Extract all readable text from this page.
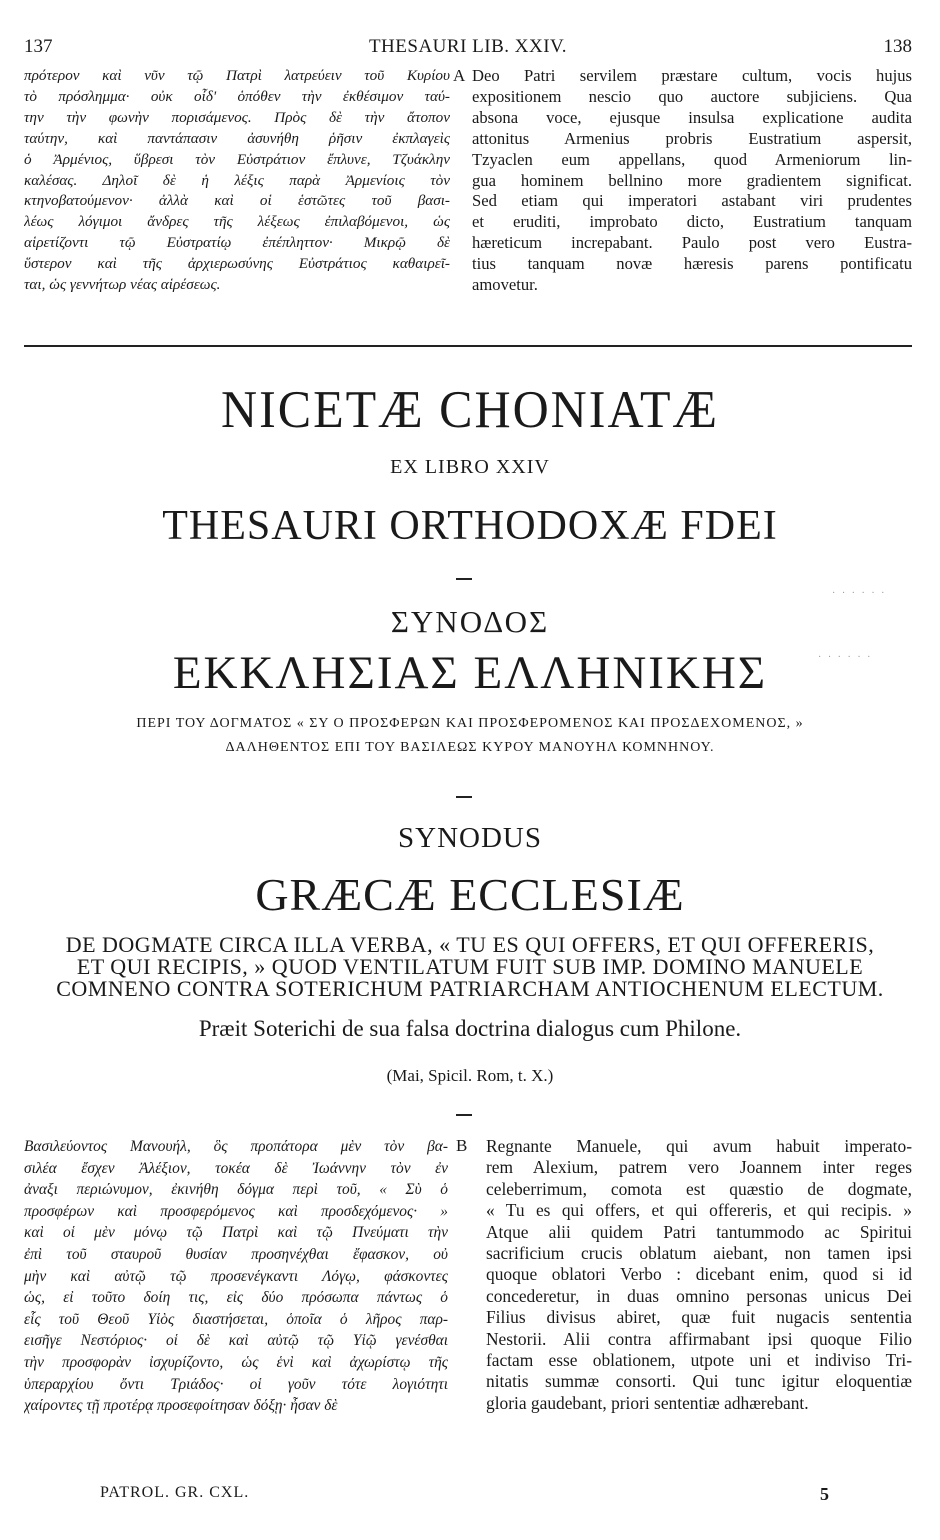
137	THESAURI LIB. XXIV.	138
πρότερον καὶ νῦν τῷ Πατρὶ λατρεύειν τοῦ Κυρίου
τὸ πρόσλημμα· οὐκ οἶδ' ὁπόθεν τὴν ἐκθέσιμον ταύ-
την τὴν φωνὴν πορισάμενος. Πρὸς δὲ τὴν ἄτοπον
ταύτην, καὶ παντάπασιν ἀσυνήθη ῥῆσιν ἐκπλαγεὶς
ὁ Ἀρμένιος, ὕβρεσι τὸν Εὐστράτιον ἔπλυνε, Τζυάκλην
καλέσας. Δηλοῖ δὲ ἡ λέξις παρὰ Ἀρμενίοις τὸν
κτηνοβατούμενον· ἀλλὰ καὶ οἱ ἑστῶτες τοῦ βασι-
λέως λόγιμοι ἄνδρες τῆς λέξεως ἐπιλαβόμενοι, ὡς
αἱρετίζοντι τῷ Εὐστρατίῳ ἐπέπληττον· Μικρῷ δὲ
ὕστερον καὶ τῆς ἀρχιερωσύνης Εὐστράτιος καθαιρεῖ-
ται, ὡς γεννήτωρ νέας αἱρέσεως.
A Deo Patri servilem præstare cultum, vocis hujus
expositionem nescio quo auctore subjiciens. Qua
absona voce, ejusque insulsa explicatione audita
attonitus Armenius probris Eustratium aspersit,
Tzyaclen eum appellans, quod Armeniorum lin-
gua hominem bellnino more gradientem significat.
Sed etiam qui imperatori astabant viri prudentes
et eruditi, improbato dicto, Eustratium tanquam
hæreticum increpabant. Paulo post vero Eustra-
tius tanquam novæ hæresis parens pontificatu
amovetur.
NICETÆ CHONIATÆ
EX LIBRO XXIV
THESAURI ORTHODOXÆ FDEI
ΣΥΝΟΔΟΣ
ΕΚΚΛΗΣΙΑΣ ΕΛΛΗΝΙΚΗΣ
ΠΕΡΙ ΤΟΥ ΔΟΓΜΑΤΟΣ « ΣΥ Ο ΠΡΟΣΦΕΡΩΝ ΚΑΙ ΠΡΟΣΦΕΡΟΜΕΝΟΣ ΚΑΙ ΠΡΟΣΔΕΧΟΜΕΝΟΣ, »
ΔΑΛΗΘΕΝΤΟΣ ΕΠΙ ΤΟΥ ΒΑΣΙΛΕΩΣ ΚΥΡΟΥ ΜΑΝΟΥΗΛ ΚΟΜΝΗΝΟΥ.
SYNODUS
GRÆCÆ ECCLESIÆ
DE DOGMATE CIRCA ILLA VERBA, « TU ES QUI OFFERS, ET QUI OFFERERIS,
ET QUI RECIPIS, » QUOD VENTILATUM FUIT SUB IMP. DOMINO MANUELE
COMNENO CONTRA SOTERICHUM PATRIARCHAM ANTIOCHENUM ELECTUM.
Præit Soterichi de sua falsa doctrina dialogus cum Philone.
(Mai, Spicil. Rom, t. X.)
Βασιλεύοντος Μανουήλ, ὃς προπάτορα μὲν τὸν βα-
σιλέα ἔσχεν Ἀλέξιον, τοκέα δὲ Ἰωάννην τὸν ἐν
ἀναξι περιώνυμον, ἐκινήθη δόγμα περὶ τοῦ, « Σὺ ὁ
προσφέρων καὶ προσφερόμενος καὶ προσδεχόμενος· »
καὶ οἱ μὲν μόνῳ τῷ Πατρὶ καὶ τῷ Πνεύματι τὴν
ἐπὶ τοῦ σταυροῦ θυσίαν προσηνέχθαι ἔφασκον, οὐ
μὴν καὶ αὐτῷ τῷ προσενέγκαντι Λόγῳ, φάσκοντες
ὡς, εἰ τοῦτο δοίη τις, εἰς δύο πρόσωπα πάντως ὁ
εἷς τοῦ Θεοῦ Υἱὸς διαστήσεται, ὁποῖα ὁ λῆρος παρ-
εισῆγε Νεστόριος· οἱ δὲ καὶ αὐτῷ τῷ Υἱῷ γενέσθαι
τὴν προσφορὰν ἰσχυρίζοντο, ὡς ἑνὶ καὶ ἀχωρίστῳ τῆς
ὑπεραρχίου ὄντι Τριάδος· οἱ γοῦν τότε λογιότητι
χαίροντες τῇ προτέρᾳ προσεφοίτησαν δόξῃ· ἦσαν δὲ
B Regnante Manuele, qui avum habuit imperato-
rem Alexium, patrem vero Joannem inter reges
celeberrimum, comota est quæstio de dogmate,
« Tu es qui offers, et qui offereris, et qui recipis. »
Atque alii quidem Patri tantummodo ac Spiritui
sacrificium crucis oblatum aiebant, non tamen ipsi
quoque oblatori Verbo : dicebant enim, quod si id
concederetur, in duas omnino personas unicus Dei
Filius divisus abiret, quæ fuit nugacis sententia
Nestorii. Alii contra affirmabant ipsi quoque Filio
factam esse oblationem, utpote uni et indiviso Tri-
nitatis summæ consorti. Qui tunc igitur eloquentiæ
gloria gaudebant, priori sententiæ adhærebant.
PATROL. GR. CXL.	5
· · · · · ·
· · · · · ·
